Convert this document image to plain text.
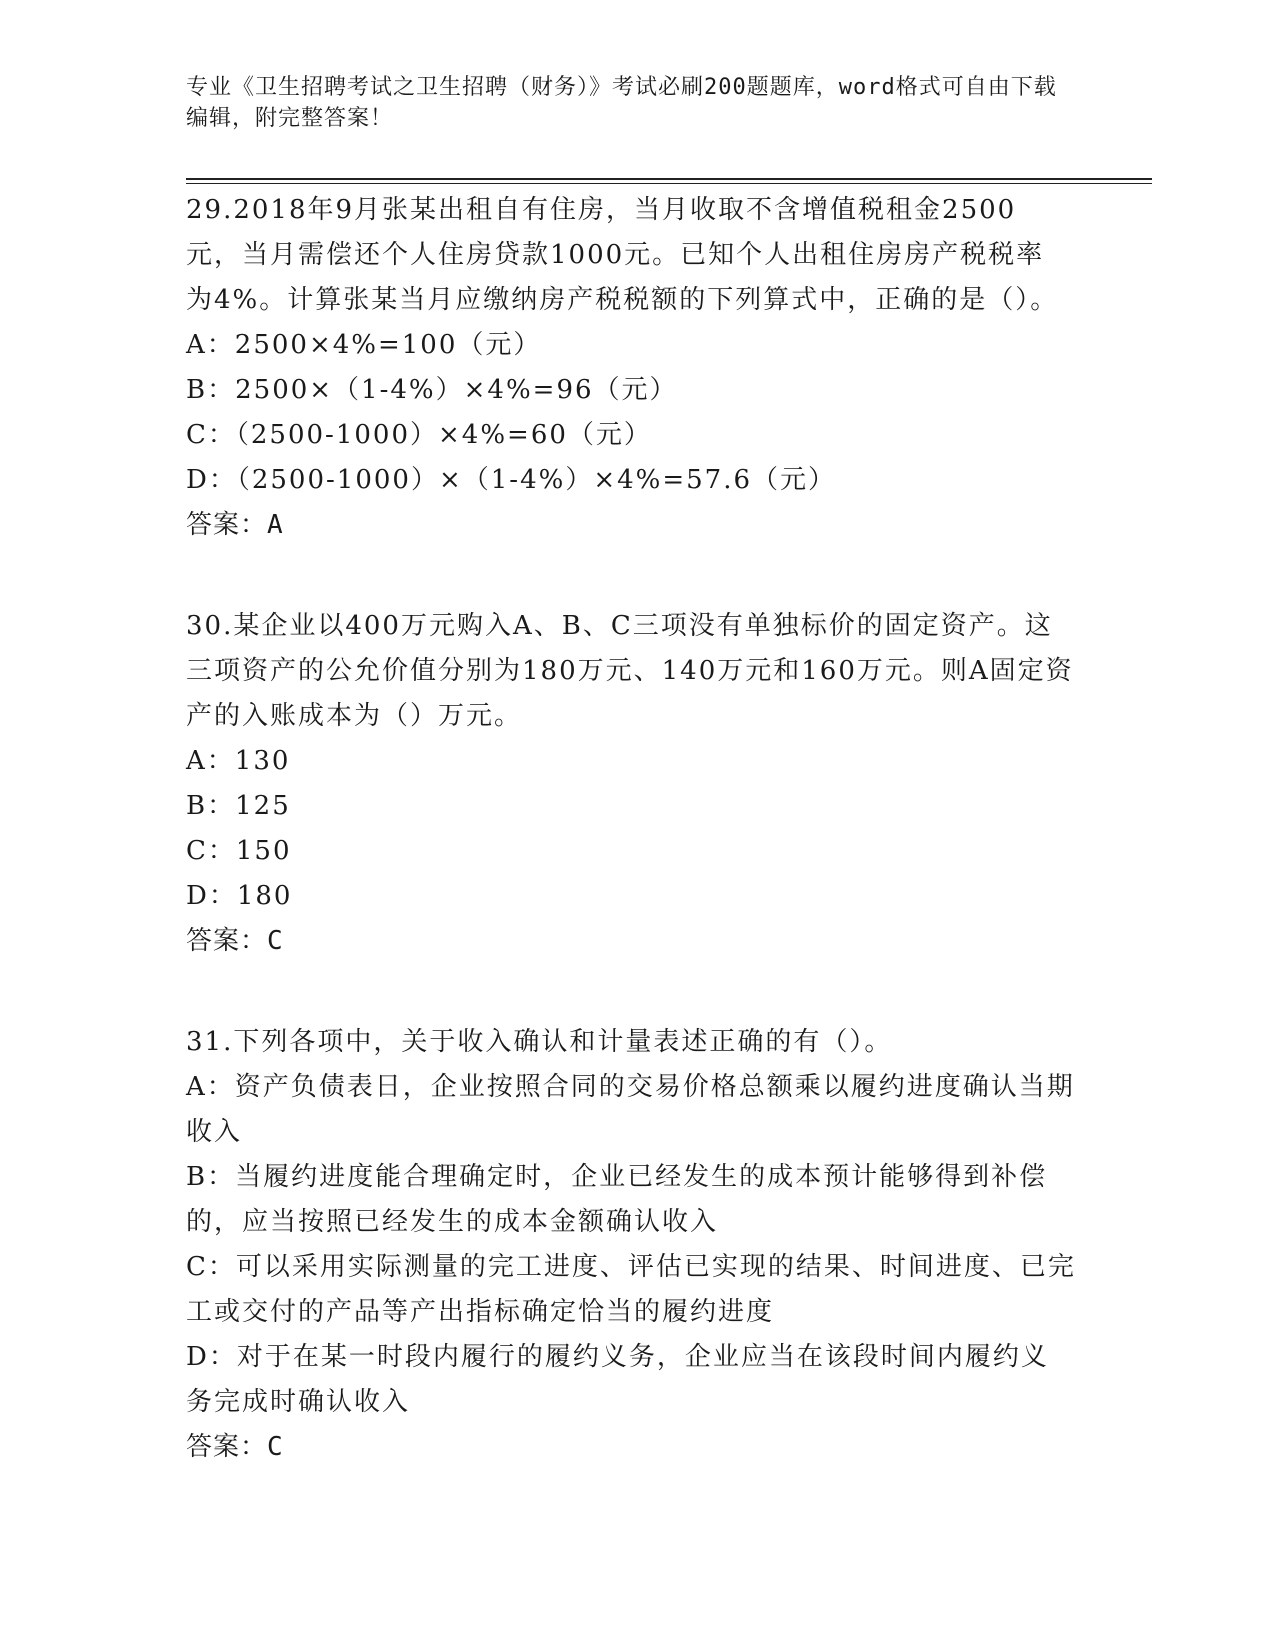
专业《卫生招聘考试之卫生招聘（财务）》考试必刷200题题库，word格式可自由下载编辑，附完整答案！

29.2018年9月张某出租自有住房，当月收取不含增值税租金2500元，当月需偿还个人住房贷款1000元。已知个人出租住房房产税税率为4%。计算张某当月应缴纳房产税税额的下列算式中，正确的是（）。

A：2500×4%=100（元）

B：2500×（1-4%）×4%=96（元）

C：（2500-1000）×4%=60（元）

D：（2500-1000）×（1-4%）×4%=57.6（元）

答案：A

30.某企业以400万元购入A、B、C三项没有单独标价的固定资产。这三项资产的公允价值分别为180万元、140万元和160万元。则A固定资产的入账成本为（）万元。

A：130

B：125

C：150

D：180

答案：C

31.下列各项中，关于收入确认和计量表述正确的有（）。

A：资产负债表日，企业按照合同的交易价格总额乘以履约进度确认当期收入

B：当履约进度能合理确定时，企业已经发生的成本预计能够得到补偿的，应当按照已经发生的成本金额确认收入

C：可以采用实际测量的完工进度、评估已实现的结果、时间进度、已完工或交付的产品等产出指标确定恰当的履约进度

D：对于在某一时段内履行的履约义务，企业应当在该段时间内履约义务完成时确认收入

答案：C
